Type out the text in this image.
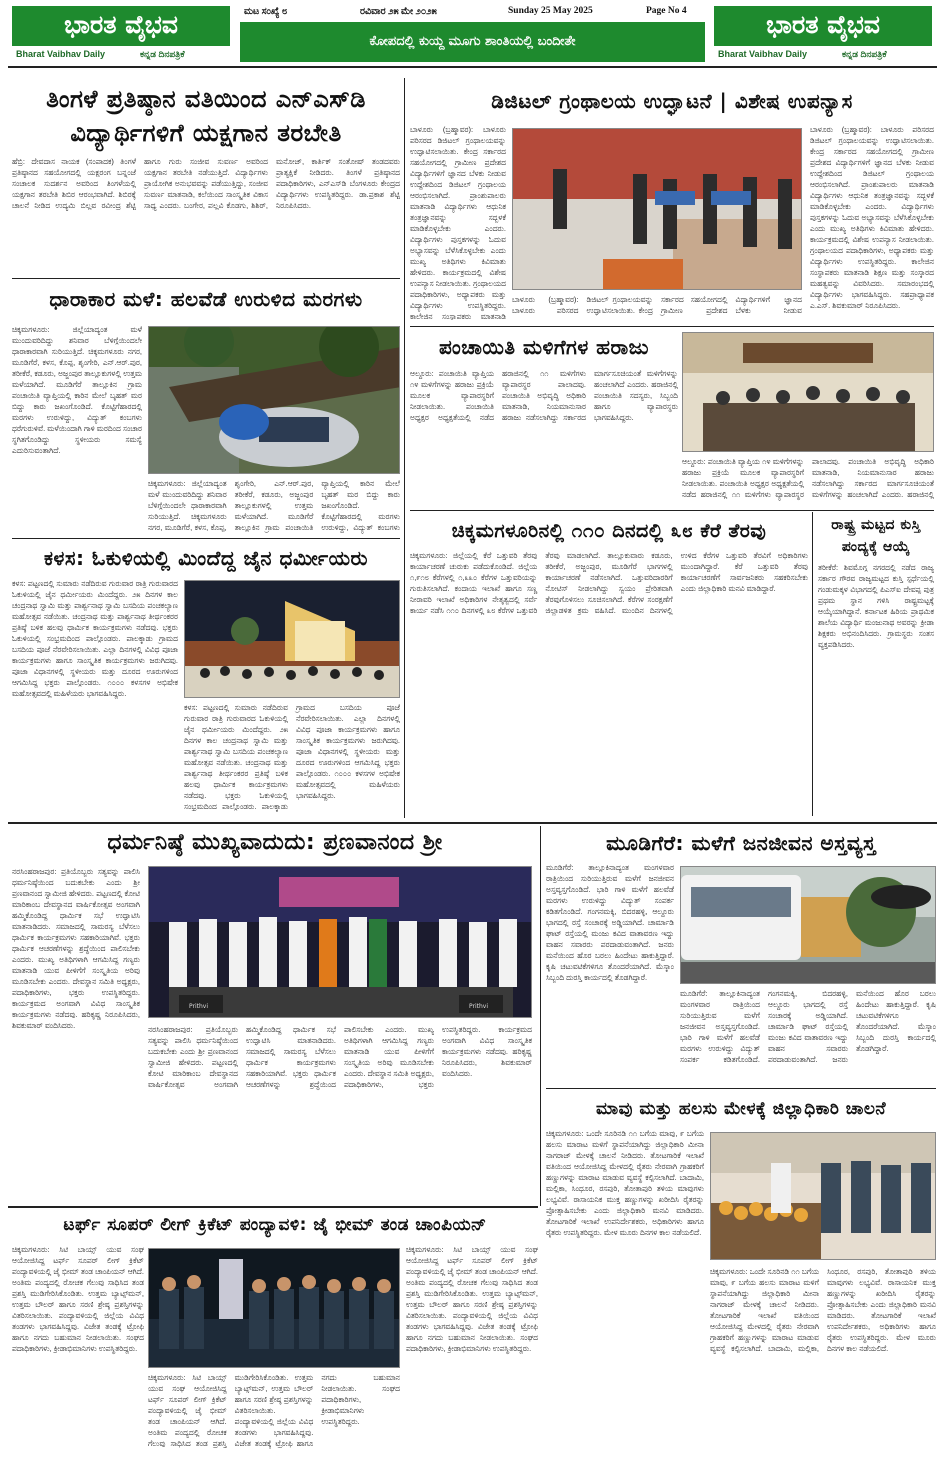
ಭಾರತ ವೈಭವ
Bharat Vaibhav Daily	ಕನ್ನಡ ದಿನಪತ್ರಿಕೆ
ಮಟ ಸಂಖ್ಯೆ ೮	ರವಿವಾರ ೨೫ ಮೇ ೨೦೨೫	Sunday 25 May 2025	Page No 4
ಕೋಪದಲ್ಲಿ ಕುಯ್ದ ಮೂಗು ಶಾಂತಿಯಲ್ಲಿ ಬಂದೀತೇ
ಭಾರತ ವೈಭವ
Bharat Vaibhav Daily	ಕನ್ನಡ ದಿನಪತ್ರಿಕೆ
ತಿಂಗಳೆ ಪ್ರತಿಷ್ಠಾನ ವತಿಯಿಂದ ಎನ್ಎಸ್‌ಡಿ ವಿದ್ಯಾರ್ಥಿಗಳಿಗೆ ಯಕ್ಷಗಾನ ತರಬೇತಿ
ಹೆಬ್ರಿ: ದೇವದಾಸ ನಾಯಕ (ಸಂಪಾದಕ) ತಿಂಗಳೆ ಪ್ರತಿಷ್ಠಾನದ ಸಹಯೋಗದಲ್ಲಿ ಯಕ್ಷರಂಗ ಬನ್ನಂಜೆ ಸಂಚಾಲಕ ಸುದರ್ಶನ ಅವರಿಂದ ತಿಂಗಳೆಯಲ್ಲಿ ಯಕ್ಷಗಾನ ತರಬೇತಿ ಶಿಬಿರ ಆರಂಭವಾಗಿದೆ. ಶಿಬಿರಕ್ಕೆ ಚಾಲನೆ ನೀಡಿದ ಉದ್ಯಮಿ ಬಿಲ್ಲವ ರವೀಂದ್ರ ಶೆಟ್ಟಿ ಹಾಗೂ ಗುರು ಸಂಜೀವ ಸುವರ್ಣ ಅವರಿಂದ ಯಕ್ಷಗಾನ ತರಬೇತಿ ನಡೆಯುತ್ತಿದೆ. ವಿದ್ಯಾರ್ಥಿಗಳು ಪ್ರಾಯೋಗಿಕ ಅನುಭವವನ್ನು ಪಡೆಯುತ್ತಿದ್ದು, ಸಂಜೀವ ಸುವರ್ಣ ಮಾತನಾಡಿ, ಕಲೆಯಿಂದ ಸಾಂಸ್ಕೃತಿಕ ವಿಕಾಸ ಸಾಧ್ಯ ಎಂದರು. ಬಂಗೇರ, ಪಲ್ಲವಿ ಕೊಡಗು, ಶಿಶಿರ್, ಮನೋಜ್, ಕಾರ್ತಿಕ್ ಸಂತೋಷ್ ತಂಡದವರು ಪ್ರಾತ್ಯಕ್ಷಿಕೆ ನೀಡಿದರು. ತಿಂಗಳೆ ಪ್ರತಿಷ್ಠಾನದ ಪದಾಧಿಕಾರಿಗಳು, ಎನ್‌ಎಸ್‌ಡಿ ಬೆಂಗಳೂರು ಕೇಂದ್ರದ ವಿದ್ಯಾರ್ಥಿಗಳು ಉಪಸ್ಥಿತರಿದ್ದರು. ಡಾ.ಪ್ರಕಾಶ ಶೆಟ್ಟಿ ನಿರೂಪಿಸಿದರು.
ಧಾರಾಕಾರ ಮಳೆ: ಹಲವೆಡೆ ಉರುಳಿದ ಮರಗಳು
ಚಿಕ್ಕಮಗಳೂರು: ಜಿಲ್ಲೆಯಾದ್ಯಂತ ಮಳೆ ಮುಂದುವರಿದಿದ್ದು ಶನಿವಾರ ಬೆಳಿಗ್ಗೆಯಿಂದಲೇ ಧಾರಾಕಾರವಾಗಿ ಸುರಿಯುತ್ತಿದೆ. ಚಿಕ್ಕಮಗಳೂರು ನಗರ, ಮೂಡಿಗೆರೆ, ಕಳಸ, ಕೊಪ್ಪ, ಶೃಂಗೇರಿ, ಎನ್.ಆರ್.ಪುರ, ತರೀಕೆರೆ, ಕಡೂರು, ಅಜ್ಜಂಪುರ ತಾಲ್ಲೂಕುಗಳಲ್ಲಿ ಉತ್ತಮ ಮಳೆಯಾಗಿದೆ. ಮೂಡಿಗೆರೆ ತಾಲ್ಲೂಕಿನ ಗ್ರಾಮ ಪಂಚಾಯಿತಿ ವ್ಯಾಪ್ತಿಯಲ್ಲಿ ಕಾರಿನ ಮೇಲೆ ಬೃಹತ್ ಮರ ಬಿದ್ದು ಕಾರು ಜಖಂಗೊಂಡಿದೆ. ಕೊಟ್ಟಿಗೆಹಾರದಲ್ಲಿ ಮರಗಳು ಉರುಳಿದ್ದು, ವಿದ್ಯುತ್ ಕಂಬಗಳು ಧರೆಗುರುಳಿವೆ. ಮಳೆಯಿಂದಾಗಿ ಗಾಳಿ ಮರದಿಂದ ಸಂಚಾರ ಸ್ಥಗಿತಗೊಂಡಿದ್ದು ಸ್ಥಳೀಯರು ಸಮಸ್ಯೆ ಎದುರಿಸುವಂತಾಗಿದೆ.
ಚಿಕ್ಕಮಗಳೂರು: ಜಿಲ್ಲೆಯಾದ್ಯಂತ ಮಳೆ ಮುಂದುವರಿದಿದ್ದು ಶನಿವಾರ ಬೆಳಿಗ್ಗೆಯಿಂದಲೇ ಧಾರಾಕಾರವಾಗಿ ಸುರಿಯುತ್ತಿದೆ. ಚಿಕ್ಕಮಗಳೂರು ನಗರ, ಮೂಡಿಗೆರೆ, ಕಳಸ, ಕೊಪ್ಪ, ಶೃಂಗೇರಿ, ಎನ್.ಆರ್.ಪುರ, ತರೀಕೆರೆ, ಕಡೂರು, ಅಜ್ಜಂಪುರ ತಾಲ್ಲೂಕುಗಳಲ್ಲಿ ಉತ್ತಮ ಮಳೆಯಾಗಿದೆ. ಮೂಡಿಗೆರೆ ತಾಲ್ಲೂಕಿನ ಗ್ರಾಮ ಪಂಚಾಯಿತಿ ವ್ಯಾಪ್ತಿಯಲ್ಲಿ ಕಾರಿನ ಮೇಲೆ ಬೃಹತ್ ಮರ ಬಿದ್ದು ಕಾರು ಜಖಂಗೊಂಡಿದೆ. ಕೊಟ್ಟಿಗೆಹಾರದಲ್ಲಿ ಮರಗಳು ಉರುಳಿದ್ದು, ವಿದ್ಯುತ್ ಕಂಬಗಳು
ಕಳಸ: ಓಕುಳಿಯಲ್ಲಿ ಮಿಂದೆದ್ದ ಜೈನ ಧರ್ಮೀಯರು
ಕಳಸ: ಪಟ್ಟಣದಲ್ಲಿ ಸುಮಾರು ನಡೆದಿರುವ ಗುರುವಾರ ರಾತ್ರಿ ಗುರುವಾರದ ಓಕುಳಿಯಲ್ಲಿ ಜೈನ ಧರ್ಮೀಯರು ಮಿಂದೆದ್ದರು. ೨೫ ದಿನಗಳ ಕಾಲ ಚಂದ್ರನಾಥ ಸ್ವಾಮಿ ಮತ್ತು ಪಾರ್ಶ್ವನಾಥ ಸ್ವಾಮಿ ಬಸದಿಯ ಪಂಚಕಲ್ಯಾಣ ಮಹೋತ್ಸವ ನಡೆಯಿತು. ಚಂದ್ರನಾಥ ಮತ್ತು ಪಾರ್ಶ್ವನಾಥ ತೀರ್ಥಂಕರರ ಪ್ರತಿಷ್ಠೆ ಬಳಿಕ ಹಲವು ಧಾರ್ಮಿಕ ಕಾರ್ಯಕ್ರಮಗಳು ನಡೆದವು. ಭಕ್ತರು ಓಕುಳಿಯಲ್ಲಿ ಸಂಭ್ರಮದಿಂದ ಪಾಲ್ಗೊಂಡರು. ಪಾಲಕ್ಕಾಡು ಗ್ರಾಮದ ಬಸದಿಯ ಪೂಜೆ ನೆರವೇರಿಸಲಾಯಿತು. ಎಲ್ಲಾ ದಿನಗಳಲ್ಲಿ ವಿವಿಧ ಪೂಜಾ ಕಾರ್ಯಕ್ರಮಗಳು ಹಾಗೂ ಸಾಂಸ್ಕೃತಿಕ ಕಾರ್ಯಕ್ರಮಗಳು ಜರುಗಿದವು. ಪೂಜಾ ವಿಧಾನಗಳಲ್ಲಿ ಸ್ಥಳೀಯರು ಮತ್ತು ದೂರದ ಊರುಗಳಿಂದ ಆಗಮಿಸಿದ್ದ ಭಕ್ತರು ಪಾಲ್ಗೊಂಡರು. ೧೦೦೦ ಕಳಸಗಳ ಅಭಿಷೇಕ ಮಹೋತ್ಸವದಲ್ಲಿ ಮಹಿಳೆಯರು ಭಾಗವಹಿಸಿದ್ದರು.
ಕಳಸ: ಪಟ್ಟಣದಲ್ಲಿ ಸುಮಾರು ನಡೆದಿರುವ ಗುರುವಾರ ರಾತ್ರಿ ಗುರುವಾರದ ಓಕುಳಿಯಲ್ಲಿ ಜೈನ ಧರ್ಮೀಯರು ಮಿಂದೆದ್ದರು. ೨೫ ದಿನಗಳ ಕಾಲ ಚಂದ್ರನಾಥ ಸ್ವಾಮಿ ಮತ್ತು ಪಾರ್ಶ್ವನಾಥ ಸ್ವಾಮಿ ಬಸದಿಯ ಪಂಚಕಲ್ಯಾಣ ಮಹೋತ್ಸವ ನಡೆಯಿತು. ಚಂದ್ರನಾಥ ಮತ್ತು ಪಾರ್ಶ್ವನಾಥ ತೀರ್ಥಂಕರರ ಪ್ರತಿಷ್ಠೆ ಬಳಿಕ ಹಲವು ಧಾರ್ಮಿಕ ಕಾರ್ಯಕ್ರಮಗಳು ನಡೆದವು. ಭಕ್ತರು ಓಕುಳಿಯಲ್ಲಿ ಸಂಭ್ರಮದಿಂದ ಪಾಲ್ಗೊಂಡರು. ಪಾಲಕ್ಕಾಡು ಗ್ರಾಮದ ಬಸದಿಯ ಪೂಜೆ ನೆರವೇರಿಸಲಾಯಿತು. ಎಲ್ಲಾ ದಿನಗಳಲ್ಲಿ ವಿವಿಧ ಪೂಜಾ ಕಾರ್ಯಕ್ರಮಗಳು ಹಾಗೂ ಸಾಂಸ್ಕೃತಿಕ ಕಾರ್ಯಕ್ರಮಗಳು ಜರುಗಿದವು. ಪೂಜಾ ವಿಧಾನಗಳಲ್ಲಿ ಸ್ಥಳೀಯರು ಮತ್ತು ದೂರದ ಊರುಗಳಿಂದ ಆಗಮಿಸಿದ್ದ ಭಕ್ತರು ಪಾಲ್ಗೊಂಡರು. ೧೦೦೦ ಕಳಸಗಳ ಅಭಿಷೇಕ ಮಹೋತ್ಸವದಲ್ಲಿ ಮಹಿಳೆಯರು ಭಾಗವಹಿಸಿದ್ದರು.
ಡಿಜಿಟಲ್ ಗ್ರಂಥಾಲಯ ಉದ್ಘಾಟನೆ | ವಿಶೇಷ ಉಪನ್ಯಾಸ
ಬಾಳೂರು (ಬ್ರಹ್ಮಾವರ): ಬಾಳೂರು ಪರಿಸರದ ಡಿಜಿಟಲ್ ಗ್ರಂಥಾಲಯವನ್ನು ಉದ್ಘಾಟಿಸಲಾಯಿತು. ಕೇಂದ್ರ ಸರ್ಕಾರದ ಸಹಯೋಗದಲ್ಲಿ ಗ್ರಾಮೀಣ ಪ್ರದೇಶದ ವಿದ್ಯಾರ್ಥಿಗಳಿಗೆ ಜ್ಞಾನದ ಬೆಳಕು ನೀಡುವ ಉದ್ದೇಶದಿಂದ ಡಿಜಿಟಲ್ ಗ್ರಂಥಾಲಯ ಆರಂಭಿಸಲಾಗಿದೆ. ಪ್ರಾಂಶುಪಾಲರು ಮಾತನಾಡಿ ವಿದ್ಯಾರ್ಥಿಗಳು ಆಧುನಿಕ ತಂತ್ರಜ್ಞಾನವನ್ನು ಸದ್ಬಳಕೆ ಮಾಡಿಕೊಳ್ಳಬೇಕು ಎಂದರು. ವಿದ್ಯಾರ್ಥಿಗಳು ಪುಸ್ತಕಗಳನ್ನು ಓದುವ ಅಭ್ಯಾಸವನ್ನು ಬೆಳೆಸಿಕೊಳ್ಳಬೇಕು ಎಂದು ಮುಖ್ಯ ಅತಿಥಿಗಳು ಕಿವಿಮಾತು ಹೇಳಿದರು. ಕಾರ್ಯಕ್ರಮದಲ್ಲಿ ವಿಶೇಷ ಉಪನ್ಯಾಸ ನೀಡಲಾಯಿತು. ಗ್ರಂಥಾಲಯದ ಪದಾಧಿಕಾರಿಗಳು, ಅಧ್ಯಾಪಕರು ಮತ್ತು ವಿದ್ಯಾರ್ಥಿಗಳು ಉಪಸ್ಥಿತರಿದ್ದರು. ಕಾಲೇಜಿನ ಸಂಸ್ಥಾಪಕರು ಮಾತನಾಡಿ
ಬಾಳೂರು (ಬ್ರಹ್ಮಾವರ): ಬಾಳೂರು ಪರಿಸರದ ಡಿಜಿಟಲ್ ಗ್ರಂಥಾಲಯವನ್ನು ಉದ್ಘಾಟಿಸಲಾಯಿತು. ಕೇಂದ್ರ ಸರ್ಕಾರದ ಸಹಯೋಗದಲ್ಲಿ ಗ್ರಾಮೀಣ ಪ್ರದೇಶದ ವಿದ್ಯಾರ್ಥಿಗಳಿಗೆ ಜ್ಞಾನದ ಬೆಳಕು ನೀಡುವ
ಬಾಳೂರು (ಬ್ರಹ್ಮಾವರ): ಬಾಳೂರು ಪರಿಸರದ ಡಿಜಿಟಲ್ ಗ್ರಂಥಾಲಯವನ್ನು ಉದ್ಘಾಟಿಸಲಾಯಿತು. ಕೇಂದ್ರ ಸರ್ಕಾರದ ಸಹಯೋಗದಲ್ಲಿ ಗ್ರಾಮೀಣ ಪ್ರದೇಶದ ವಿದ್ಯಾರ್ಥಿಗಳಿಗೆ ಜ್ಞಾನದ ಬೆಳಕು ನೀಡುವ ಉದ್ದೇಶದಿಂದ ಡಿಜಿಟಲ್ ಗ್ರಂಥಾಲಯ ಆರಂಭಿಸಲಾಗಿದೆ. ಪ್ರಾಂಶುಪಾಲರು ಮಾತನಾಡಿ ವಿದ್ಯಾರ್ಥಿಗಳು ಆಧುನಿಕ ತಂತ್ರಜ್ಞಾನವನ್ನು ಸದ್ಬಳಕೆ ಮಾಡಿಕೊಳ್ಳಬೇಕು ಎಂದರು. ವಿದ್ಯಾರ್ಥಿಗಳು ಪುಸ್ತಕಗಳನ್ನು ಓದುವ ಅಭ್ಯಾಸವನ್ನು ಬೆಳೆಸಿಕೊಳ್ಳಬೇಕು ಎಂದು ಮುಖ್ಯ ಅತಿಥಿಗಳು ಕಿವಿಮಾತು ಹೇಳಿದರು. ಕಾರ್ಯಕ್ರಮದಲ್ಲಿ ವಿಶೇಷ ಉಪನ್ಯಾಸ ನೀಡಲಾಯಿತು. ಗ್ರಂಥಾಲಯದ ಪದಾಧಿಕಾರಿಗಳು, ಅಧ್ಯಾಪಕರು ಮತ್ತು ವಿದ್ಯಾರ್ಥಿಗಳು ಉಪಸ್ಥಿತರಿದ್ದರು. ಕಾಲೇಜಿನ ಸಂಸ್ಥಾಪಕರು ಮಾತನಾಡಿ ಶಿಕ್ಷಣ ಮತ್ತು ಸಂಸ್ಕಾರದ ಮಹತ್ವವನ್ನು ವಿವರಿಸಿದರು. ಸಮಾರಂಭದಲ್ಲಿ ವಿದ್ಯಾರ್ಥಿಗಳು ಭಾಗವಹಿಸಿದ್ದರು. ಸಹಪ್ರಾಧ್ಯಾಪಕ ಎ.ಎಸ್. ಶಿವಕುಮಾರ್ ನಿರೂಪಿಸಿದರು.
ಪಂಚಾಯಿತಿ ಮಳಿಗೆಗಳ ಹರಾಜು
ಆಲ್ದೂರು: ಪಂಚಾಯಿತಿ ವ್ಯಾಪ್ತಿಯ ೧೪ ಮಳಿಗೆಗಳನ್ನು ಹರಾಜು ಪ್ರಕ್ರಿಯೆ ಮೂಲಕ ವ್ಯಾಪಾರಸ್ಥರಿಗೆ ನೀಡಲಾಯಿತು. ಪಂಚಾಯಿತಿ ಅಧ್ಯಕ್ಷರ ಅಧ್ಯಕ್ಷತೆಯಲ್ಲಿ ನಡೆದ ಹರಾಜಿನಲ್ಲಿ ೧೧ ಮಳಿಗೆಗಳು ವ್ಯಾಪಾರಸ್ಥರ ಪಾಲಾದವು. ಪಂಚಾಯಿತಿ ಅಭಿವೃದ್ಧಿ ಅಧಿಕಾರಿ ಮಾತನಾಡಿ, ನಿಯಮಾನುಸಾರ ಹರಾಜು ನಡೆಸಲಾಗಿದ್ದು ಸರ್ಕಾರದ ಮಾರ್ಗಸೂಚಿಯಂತೆ ಮಳಿಗೆಗಳನ್ನು ಹಂಚಲಾಗಿದೆ ಎಂದರು. ಹರಾಜಿನಲ್ಲಿ ಪಂಚಾಯಿತಿ ಸದಸ್ಯರು, ಸಿಬ್ಬಂದಿ ಹಾಗೂ ವ್ಯಾಪಾರಸ್ಥರು ಭಾಗವಹಿಸಿದ್ದರು.
ಆಲ್ದೂರು: ಪಂಚಾಯಿತಿ ವ್ಯಾಪ್ತಿಯ ೧೪ ಮಳಿಗೆಗಳನ್ನು ಹರಾಜು ಪ್ರಕ್ರಿಯೆ ಮೂಲಕ ವ್ಯಾಪಾರಸ್ಥರಿಗೆ ನೀಡಲಾಯಿತು. ಪಂಚಾಯಿತಿ ಅಧ್ಯಕ್ಷರ ಅಧ್ಯಕ್ಷತೆಯಲ್ಲಿ ನಡೆದ ಹರಾಜಿನಲ್ಲಿ ೧೧ ಮಳಿಗೆಗಳು ವ್ಯಾಪಾರಸ್ಥರ ಪಾಲಾದವು. ಪಂಚಾಯಿತಿ ಅಭಿವೃದ್ಧಿ ಅಧಿಕಾರಿ ಮಾತನಾಡಿ, ನಿಯಮಾನುಸಾರ ಹರಾಜು ನಡೆಸಲಾಗಿದ್ದು ಸರ್ಕಾರದ ಮಾರ್ಗಸೂಚಿಯಂತೆ ಮಳಿಗೆಗಳನ್ನು ಹಂಚಲಾಗಿದೆ ಎಂದರು. ಹರಾಜಿನಲ್ಲಿ
ಚಿಕ್ಕಮಗಳೂರಿನಲ್ಲಿ ೧೧೦ ದಿನದಲ್ಲಿ ೩೮ ಕೆರೆ ತೆರವು
ಚಿಕ್ಕಮಗಳೂರು: ಜಿಲ್ಲೆಯಲ್ಲಿ ಕೆರೆ ಒತ್ತುವರಿ ತೆರವು ಕಾರ್ಯಾಚರಣೆ ಚುರುಕು ಪಡೆದುಕೊಂಡಿದೆ. ಜಿಲ್ಲೆಯ ೧,೯೧೮ ಕೆರೆಗಳಲ್ಲಿ ೧,೩೩೦ ಕೆರೆಗಳ ಒತ್ತುವರಿಯನ್ನು ಗುರುತಿಸಲಾಗಿದೆ. ಕಂದಾಯ ಇಲಾಖೆ ಹಾಗೂ ಸಣ್ಣ ನೀರಾವರಿ ಇಲಾಖೆ ಅಧಿಕಾರಿಗಳ ನೇತೃತ್ವದಲ್ಲಿ ಸರ್ವೆ ಕಾರ್ಯ ನಡೆಸಿ ೧೧೦ ದಿನಗಳಲ್ಲಿ ೩೮ ಕೆರೆಗಳ ಒತ್ತುವರಿ ತೆರವು ಮಾಡಲಾಗಿದೆ. ತಾಲ್ಲೂಕುವಾರು ಕಡೂರು, ತರೀಕೆರೆ, ಅಜ್ಜಂಪುರ, ಮೂಡಿಗೆರೆ ಭಾಗಗಳಲ್ಲಿ ಕಾರ್ಯಾಚರಣೆ ನಡೆಸಲಾಗಿದೆ. ಒತ್ತುವರಿದಾರರಿಗೆ ನೋಟಿಸ್ ನೀಡಲಾಗಿದ್ದು ಸ್ವಯಂ ಪ್ರೇರಿತವಾಗಿ ತೆರವುಗೊಳಿಸಲು ಸೂಚಿಸಲಾಗಿದೆ. ಕೆರೆಗಳ ಸಂರಕ್ಷಣೆಗೆ ಜಿಲ್ಲಾಡಳಿತ ಕ್ರಮ ವಹಿಸಿದೆ. ಮುಂದಿನ ದಿನಗಳಲ್ಲಿ ಉಳಿದ ಕೆರೆಗಳ ಒತ್ತುವರಿ ತೆರವಿಗೆ ಅಧಿಕಾರಿಗಳು ಮುಂದಾಗಿದ್ದಾರೆ. ಕೆರೆ ಒತ್ತುವರಿ ತೆರವು ಕಾರ್ಯಾಚರಣೆಗೆ ಸಾರ್ವಜನಿಕರು ಸಹಕರಿಸಬೇಕು ಎಂದು ಜಿಲ್ಲಾಧಿಕಾರಿ ಮನವಿ ಮಾಡಿದ್ದಾರೆ.
ರಾಷ್ಟ್ರ ಮಟ್ಟದ ಕುಸ್ತಿ ಪಂದ್ಯಕ್ಕೆ ಆಯ್ಕೆ
ತರೀಕೆರೆ: ಶಿವಮೊಗ್ಗ ನಗರದಲ್ಲಿ ನಡೆದ ರಾಜ್ಯ ಸರ್ಕಾರ ಗೌರವ ರಾಜ್ಯಮಟ್ಟದ ಕುಸ್ತಿ ಸ್ಪರ್ಧೆಯಲ್ಲಿ ಗಂಡುಮಕ್ಕಳ ವಿಭಾಗದಲ್ಲಿ ಪಿಎಸ್‌ಐ ದೇವಪ್ಪ ಪುತ್ರ ಪ್ರಥಮ ಸ್ಥಾನ ಗಳಿಸಿ ರಾಷ್ಟ್ರಮಟ್ಟಕ್ಕೆ ಆಯ್ಕೆಯಾಗಿದ್ದಾನೆ. ಕರ್ನಾಟಕ ಹಿರಿಯ ಪ್ರಾಥಮಿಕ ಶಾಲೆಯ ವಿದ್ಯಾರ್ಥಿ ಮಂಜುನಾಥ ಅವರನ್ನು ಕ್ರೀಡಾ ಶಿಕ್ಷಕರು ಅಭಿನಂದಿಸಿದರು. ಗ್ರಾಮಸ್ಥರು ಸಂತಸ ವ್ಯಕ್ತಪಡಿಸಿದರು.
ಧರ್ಮನಿಷ್ಠೆ ಮುಖ್ಯವಾದುದು: ಪ್ರಣವಾನಂದ ಶ್ರೀ
ನರಸಿಂಹರಾಜಪುರ: ಪ್ರತಿಯೊಬ್ಬರು ಸತ್ಯವನ್ನು ಪಾಲಿಸಿ ಧರ್ಮನಿಷ್ಠೆಯಿಂದ ಬದುಕಬೇಕು ಎಂದು ಶ್ರೀ ಪ್ರಣವಾನಂದ ಸ್ವಾಮೀಜಿ ಹೇಳಿದರು. ಪಟ್ಟಣದಲ್ಲಿ ಕೋಟಿ ಮಾರಿಕಾಂಬ ದೇವಸ್ಥಾನದ ವಾರ್ಷಿಕೋತ್ಸವ ಅಂಗವಾಗಿ ಹಮ್ಮಿಕೊಂಡಿದ್ದ ಧಾರ್ಮಿಕ ಸಭೆ ಉದ್ಘಾಟಿಸಿ ಮಾತನಾಡಿದರು. ಸಮಾಜದಲ್ಲಿ ಸಾಮರಸ್ಯ ಬೆಳೆಸಲು ಧಾರ್ಮಿಕ ಕಾರ್ಯಕ್ರಮಗಳು ಸಹಕಾರಿಯಾಗಿವೆ. ಭಕ್ತರು ಧಾರ್ಮಿಕ ಆಚರಣೆಗಳನ್ನು ಶ್ರದ್ಧೆಯಿಂದ ಪಾಲಿಸಬೇಕು ಎಂದರು. ಮುಖ್ಯ ಅತಿಥಿಗಳಾಗಿ ಆಗಮಿಸಿದ್ದ ಗಣ್ಯರು ಮಾತನಾಡಿ ಯುವ ಪೀಳಿಗೆಗೆ ಸಂಸ್ಕೃತಿಯ ಅರಿವು ಮೂಡಿಸಬೇಕು ಎಂದರು. ದೇವಸ್ಥಾನ ಸಮಿತಿ ಅಧ್ಯಕ್ಷರು, ಪದಾಧಿಕಾರಿಗಳು, ಭಕ್ತರು ಉಪಸ್ಥಿತರಿದ್ದರು. ಕಾರ್ಯಕ್ರಮದ ಅಂಗವಾಗಿ ವಿವಿಧ ಸಾಂಸ್ಕೃತಿಕ ಕಾರ್ಯಕ್ರಮಗಳು ನಡೆದವು. ಹರಿಕೃಷ್ಣ ನಿರೂಪಿಸಿದರು, ಶಿವಕುಮಾರ್ ವಂದಿಸಿದರು.
Prithvi	Prithvi
ನರಸಿಂಹರಾಜಪುರ: ಪ್ರತಿಯೊಬ್ಬರು ಸತ್ಯವನ್ನು ಪಾಲಿಸಿ ಧರ್ಮನಿಷ್ಠೆಯಿಂದ ಬದುಕಬೇಕು ಎಂದು ಶ್ರೀ ಪ್ರಣವಾನಂದ ಸ್ವಾಮೀಜಿ ಹೇಳಿದರು. ಪಟ್ಟಣದಲ್ಲಿ ಕೋಟಿ ಮಾರಿಕಾಂಬ ದೇವಸ್ಥಾನದ ವಾರ್ಷಿಕೋತ್ಸವ ಅಂಗವಾಗಿ ಹಮ್ಮಿಕೊಂಡಿದ್ದ ಧಾರ್ಮಿಕ ಸಭೆ ಉದ್ಘಾಟಿಸಿ ಮಾತನಾಡಿದರು. ಸಮಾಜದಲ್ಲಿ ಸಾಮರಸ್ಯ ಬೆಳೆಸಲು ಧಾರ್ಮಿಕ ಕಾರ್ಯಕ್ರಮಗಳು ಸಹಕಾರಿಯಾಗಿವೆ. ಭಕ್ತರು ಧಾರ್ಮಿಕ ಆಚರಣೆಗಳನ್ನು ಶ್ರದ್ಧೆಯಿಂದ ಪಾಲಿಸಬೇಕು ಎಂದರು. ಮುಖ್ಯ ಅತಿಥಿಗಳಾಗಿ ಆಗಮಿಸಿದ್ದ ಗಣ್ಯರು ಮಾತನಾಡಿ ಯುವ ಪೀಳಿಗೆಗೆ ಸಂಸ್ಕೃತಿಯ ಅರಿವು ಮೂಡಿಸಬೇಕು ಎಂದರು. ದೇವಸ್ಥಾನ ಸಮಿತಿ ಅಧ್ಯಕ್ಷರು, ಪದಾಧಿಕಾರಿಗಳು, ಭಕ್ತರು ಉಪಸ್ಥಿತರಿದ್ದರು. ಕಾರ್ಯಕ್ರಮದ ಅಂಗವಾಗಿ ವಿವಿಧ ಸಾಂಸ್ಕೃತಿಕ ಕಾರ್ಯಕ್ರಮಗಳು ನಡೆದವು. ಹರಿಕೃಷ್ಣ ನಿರೂಪಿಸಿದರು, ಶಿವಕುಮಾರ್ ವಂದಿಸಿದರು.
ಮೂಡಿಗೆರೆ: ಮಳೆಗೆ ಜನಜೀವನ ಅಸ್ತವ್ಯಸ್ತ
ಮೂಡಿಗೆರೆ: ತಾಲ್ಲೂಕಿನಾದ್ಯಂತ ಮಂಗಳವಾರ ರಾತ್ರಿಯಿಂದ ಸುರಿಯುತ್ತಿರುವ ಮಳೆಗೆ ಜನಜೀವನ ಅಸ್ತವ್ಯಸ್ತಗೊಂಡಿದೆ. ಭಾರಿ ಗಾಳಿ ಮಳೆಗೆ ಹಲವೆಡೆ ಮರಗಳು ಉರುಳಿದ್ದು ವಿದ್ಯುತ್ ಸಂಪರ್ಕ ಕಡಿತಗೊಂಡಿದೆ. ಗಂಗನಮಕ್ಕಿ, ಬಿದರಹಳ್ಳಿ, ಆಲ್ದೂರು ಭಾಗದಲ್ಲಿ ರಸ್ತೆ ಸಂಚಾರಕ್ಕೆ ಅಡ್ಡಿಯಾಗಿದೆ. ಚಾರ್ಮಾಡಿ ಘಾಟ್ ರಸ್ತೆಯಲ್ಲಿ ಮಂಜು ಕವಿದ ವಾತಾವರಣ ಇದ್ದು ವಾಹನ ಸವಾರರು ಪರದಾಡುವಂತಾಗಿದೆ. ಜನರು ಮನೆಯಿಂದ ಹೊರ ಬರಲು ಹಿಂದೇಟು ಹಾಕುತ್ತಿದ್ದಾರೆ. ಕೃಷಿ ಚಟುವಟಿಕೆಗಳಿಗೂ ತೊಂದರೆಯಾಗಿದೆ. ಮೆಸ್ಕಾಂ ಸಿಬ್ಬಂದಿ ದುರಸ್ತಿ ಕಾರ್ಯದಲ್ಲಿ ತೊಡಗಿದ್ದಾರೆ.
ಮೂಡಿಗೆರೆ: ತಾಲ್ಲೂಕಿನಾದ್ಯಂತ ಮಂಗಳವಾರ ರಾತ್ರಿಯಿಂದ ಸುರಿಯುತ್ತಿರುವ ಮಳೆಗೆ ಜನಜೀವನ ಅಸ್ತವ್ಯಸ್ತಗೊಂಡಿದೆ. ಭಾರಿ ಗಾಳಿ ಮಳೆಗೆ ಹಲವೆಡೆ ಮರಗಳು ಉರುಳಿದ್ದು ವಿದ್ಯುತ್ ಸಂಪರ್ಕ ಕಡಿತಗೊಂಡಿದೆ. ಗಂಗನಮಕ್ಕಿ, ಬಿದರಹಳ್ಳಿ, ಆಲ್ದೂರು ಭಾಗದಲ್ಲಿ ರಸ್ತೆ ಸಂಚಾರಕ್ಕೆ ಅಡ್ಡಿಯಾಗಿದೆ. ಚಾರ್ಮಾಡಿ ಘಾಟ್ ರಸ್ತೆಯಲ್ಲಿ ಮಂಜು ಕವಿದ ವಾತಾವರಣ ಇದ್ದು ವಾಹನ ಸವಾರರು ಪರದಾಡುವಂತಾಗಿದೆ. ಜನರು ಮನೆಯಿಂದ ಹೊರ ಬರಲು ಹಿಂದೇಟು ಹಾಕುತ್ತಿದ್ದಾರೆ. ಕೃಷಿ ಚಟುವಟಿಕೆಗಳಿಗೂ ತೊಂದರೆಯಾಗಿದೆ. ಮೆಸ್ಕಾಂ ಸಿಬ್ಬಂದಿ ದುರಸ್ತಿ ಕಾರ್ಯದಲ್ಲಿ ತೊಡಗಿದ್ದಾರೆ.
ಮಾವು ಮತ್ತು ಹಲಸು ಮೇಳಕ್ಕೆ ಜಿಲ್ಲಾಧಿಕಾರಿ ಚಾಲನೆ
ಚಿಕ್ಕಮಗಳೂರು: ಒಂದೇ ಸೂರಿನಡಿ ೧೧ ಬಗೆಯ ಮಾವು, ೯ ಬಗೆಯ ಹಲಸು ಮಾರಾಟ ಮಳಿಗೆ ಸ್ಥಾಪನೆಯಾಗಿದ್ದು ಜಿಲ್ಲಾಧಿಕಾರಿ ಮೀನಾ ನಾಗರಾಜ್ ಮೇಳಕ್ಕೆ ಚಾಲನೆ ನೀಡಿದರು. ತೋಟಗಾರಿಕೆ ಇಲಾಖೆ ವತಿಯಿಂದ ಆಯೋಜಿಸಿದ್ದ ಮೇಳದಲ್ಲಿ ರೈತರು ನೇರವಾಗಿ ಗ್ರಾಹಕರಿಗೆ ಹಣ್ಣುಗಳನ್ನು ಮಾರಾಟ ಮಾಡುವ ವ್ಯವಸ್ಥೆ ಕಲ್ಪಿಸಲಾಗಿದೆ. ಬಾದಾಮಿ, ಮಲ್ಲಿಕಾ, ಸಿಂಧೂರ, ರಸಪುರಿ, ತೋತಾಪುರಿ ತಳಿಯ ಮಾವುಗಳು ಲಭ್ಯವಿವೆ. ರಾಸಾಯನಿಕ ಮುಕ್ತ ಹಣ್ಣುಗಳನ್ನು ಖರೀದಿಸಿ ರೈತರನ್ನು ಪ್ರೋತ್ಸಾಹಿಸಬೇಕು ಎಂದು ಜಿಲ್ಲಾಧಿಕಾರಿ ಮನವಿ ಮಾಡಿದರು. ತೋಟಗಾರಿಕೆ ಇಲಾಖೆ ಉಪನಿರ್ದೇಶಕರು, ಅಧಿಕಾರಿಗಳು ಹಾಗೂ ರೈತರು ಉಪಸ್ಥಿತರಿದ್ದರು. ಮೇಳ ಮೂರು ದಿನಗಳ ಕಾಲ ನಡೆಯಲಿದೆ.
ಚಿಕ್ಕಮಗಳೂರು: ಒಂದೇ ಸೂರಿನಡಿ ೧೧ ಬಗೆಯ ಮಾವು, ೯ ಬಗೆಯ ಹಲಸು ಮಾರಾಟ ಮಳಿಗೆ ಸ್ಥಾಪನೆಯಾಗಿದ್ದು ಜಿಲ್ಲಾಧಿಕಾರಿ ಮೀನಾ ನಾಗರಾಜ್ ಮೇಳಕ್ಕೆ ಚಾಲನೆ ನೀಡಿದರು. ತೋಟಗಾರಿಕೆ ಇಲಾಖೆ ವತಿಯಿಂದ ಆಯೋಜಿಸಿದ್ದ ಮೇಳದಲ್ಲಿ ರೈತರು ನೇರವಾಗಿ ಗ್ರಾಹಕರಿಗೆ ಹಣ್ಣುಗಳನ್ನು ಮಾರಾಟ ಮಾಡುವ ವ್ಯವಸ್ಥೆ ಕಲ್ಪಿಸಲಾಗಿದೆ. ಬಾದಾಮಿ, ಮಲ್ಲಿಕಾ, ಸಿಂಧೂರ, ರಸಪುರಿ, ತೋತಾಪುರಿ ತಳಿಯ ಮಾವುಗಳು ಲಭ್ಯವಿವೆ. ರಾಸಾಯನಿಕ ಮುಕ್ತ ಹಣ್ಣುಗಳನ್ನು ಖರೀದಿಸಿ ರೈತರನ್ನು ಪ್ರೋತ್ಸಾಹಿಸಬೇಕು ಎಂದು ಜಿಲ್ಲಾಧಿಕಾರಿ ಮನವಿ ಮಾಡಿದರು. ತೋಟಗಾರಿಕೆ ಇಲಾಖೆ ಉಪನಿರ್ದೇಶಕರು, ಅಧಿಕಾರಿಗಳು ಹಾಗೂ ರೈತರು ಉಪಸ್ಥಿತರಿದ್ದರು. ಮೇಳ ಮೂರು ದಿನಗಳ ಕಾಲ ನಡೆಯಲಿದೆ.
ಟರ್ಫ್ ಸೂಪರ್ ಲೀಗ್ ಕ್ರಿಕೆಟ್ ಪಂದ್ಯಾವಳಿ: ಜೈ ಭೀಮ್ ತಂಡ ಚಾಂಪಿಯನ್
ಚಿಕ್ಕಮಗಳೂರು: ಸಿಟಿ ಬಾಯ್ಸ್ ಯುವ ಸಂಘ ಆಯೋಜಿಸಿದ್ದ ಟರ್ಫ್ ಸೂಪರ್ ಲೀಗ್ ಕ್ರಿಕೆಟ್ ಪಂದ್ಯಾವಳಿಯಲ್ಲಿ ಜೈ ಭೀಮ್ ತಂಡ ಚಾಂಪಿಯನ್ ಆಗಿದೆ. ಅಂತಿಮ ಪಂದ್ಯದಲ್ಲಿ ರೋಚಕ ಗೆಲುವು ಸಾಧಿಸಿದ ತಂಡ ಪ್ರಶಸ್ತಿ ಮುಡಿಗೇರಿಸಿಕೊಂಡಿತು. ಉತ್ತಮ ಬ್ಯಾಟ್ಸ್‌ಮನ್, ಉತ್ತಮ ಬೌಲರ್ ಹಾಗೂ ಸರಣಿ ಶ್ರೇಷ್ಠ ಪ್ರಶಸ್ತಿಗಳನ್ನು ವಿತರಿಸಲಾಯಿತು. ಪಂದ್ಯಾವಳಿಯಲ್ಲಿ ಜಿಲ್ಲೆಯ ವಿವಿಧ ತಂಡಗಳು ಭಾಗವಹಿಸಿದ್ದವು. ವಿಜೇತ ತಂಡಕ್ಕೆ ಟ್ರೋಫಿ ಹಾಗೂ ನಗದು ಬಹುಮಾನ ನೀಡಲಾಯಿತು. ಸಂಘದ ಪದಾಧಿಕಾರಿಗಳು, ಕ್ರೀಡಾಭಿಮಾನಿಗಳು ಉಪಸ್ಥಿತರಿದ್ದರು.
ಚಿಕ್ಕಮಗಳೂರು: ಸಿಟಿ ಬಾಯ್ಸ್ ಯುವ ಸಂಘ ಆಯೋಜಿಸಿದ್ದ ಟರ್ಫ್ ಸೂಪರ್ ಲೀಗ್ ಕ್ರಿಕೆಟ್ ಪಂದ್ಯಾವಳಿಯಲ್ಲಿ ಜೈ ಭೀಮ್ ತಂಡ ಚಾಂಪಿಯನ್ ಆಗಿದೆ. ಅಂತಿಮ ಪಂದ್ಯದಲ್ಲಿ ರೋಚಕ ಗೆಲುವು ಸಾಧಿಸಿದ ತಂಡ ಪ್ರಶಸ್ತಿ ಮುಡಿಗೇರಿಸಿಕೊಂಡಿತು. ಉತ್ತಮ ಬ್ಯಾಟ್ಸ್‌ಮನ್, ಉತ್ತಮ ಬೌಲರ್ ಹಾಗೂ ಸರಣಿ ಶ್ರೇಷ್ಠ ಪ್ರಶಸ್ತಿಗಳನ್ನು ವಿತರಿಸಲಾಯಿತು. ಪಂದ್ಯಾವಳಿಯಲ್ಲಿ ಜಿಲ್ಲೆಯ ವಿವಿಧ ತಂಡಗಳು ಭಾಗವಹಿಸಿದ್ದವು. ವಿಜೇತ ತಂಡಕ್ಕೆ ಟ್ರೋಫಿ ಹಾಗೂ ನಗದು ಬಹುಮಾನ ನೀಡಲಾಯಿತು. ಸಂಘದ ಪದಾಧಿಕಾರಿಗಳು, ಕ್ರೀಡಾಭಿಮಾನಿಗಳು ಉಪಸ್ಥಿತರಿದ್ದರು.
ಚಿಕ್ಕಮಗಳೂರು: ಸಿಟಿ ಬಾಯ್ಸ್ ಯುವ ಸಂಘ ಆಯೋಜಿಸಿದ್ದ ಟರ್ಫ್ ಸೂಪರ್ ಲೀಗ್ ಕ್ರಿಕೆಟ್ ಪಂದ್ಯಾವಳಿಯಲ್ಲಿ ಜೈ ಭೀಮ್ ತಂಡ ಚಾಂಪಿಯನ್ ಆಗಿದೆ. ಅಂತಿಮ ಪಂದ್ಯದಲ್ಲಿ ರೋಚಕ ಗೆಲುವು ಸಾಧಿಸಿದ ತಂಡ ಪ್ರಶಸ್ತಿ ಮುಡಿಗೇರಿಸಿಕೊಂಡಿತು. ಉತ್ತಮ ಬ್ಯಾಟ್ಸ್‌ಮನ್, ಉತ್ತಮ ಬೌಲರ್ ಹಾಗೂ ಸರಣಿ ಶ್ರೇಷ್ಠ ಪ್ರಶಸ್ತಿಗಳನ್ನು ವಿತರಿಸಲಾಯಿತು. ಪಂದ್ಯಾವಳಿಯಲ್ಲಿ ಜಿಲ್ಲೆಯ ವಿವಿಧ ತಂಡಗಳು ಭಾಗವಹಿಸಿದ್ದವು. ವಿಜೇತ ತಂಡಕ್ಕೆ ಟ್ರೋಫಿ ಹಾಗೂ ನಗದು ಬಹುಮಾನ ನೀಡಲಾಯಿತು. ಸಂಘದ ಪದಾಧಿಕಾರಿಗಳು, ಕ್ರೀಡಾಭಿಮಾನಿಗಳು ಉಪಸ್ಥಿತರಿದ್ದರು.
